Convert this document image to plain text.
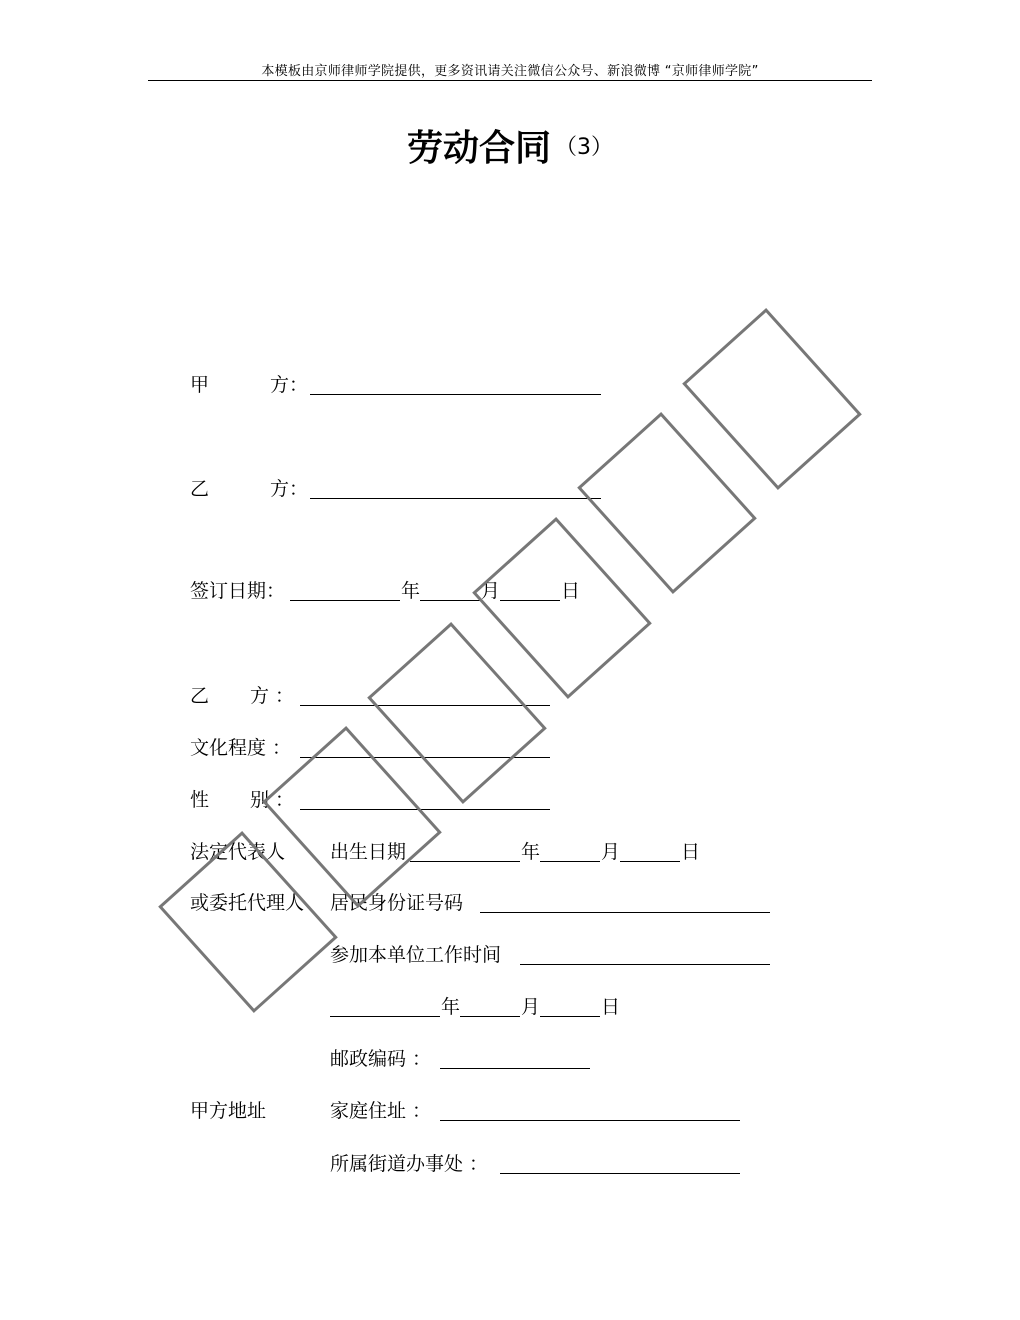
本模板由京师律师学院提供，更多资讯请关注微信公众号、新浪微博 “京师律师学院”
劳动合同 （3）
甲	方：
乙	方：
签订日期：	年	月	日
乙 方 ：
文化程度 ：
性 别 ：
法定代表人 出生日期	年	月	日
或委托代理人 居民身份证号码
参加本单位工作时间
年	月	日
邮政编码 ：
甲方地址	家庭住址 ：
所属街道办事处 ：
